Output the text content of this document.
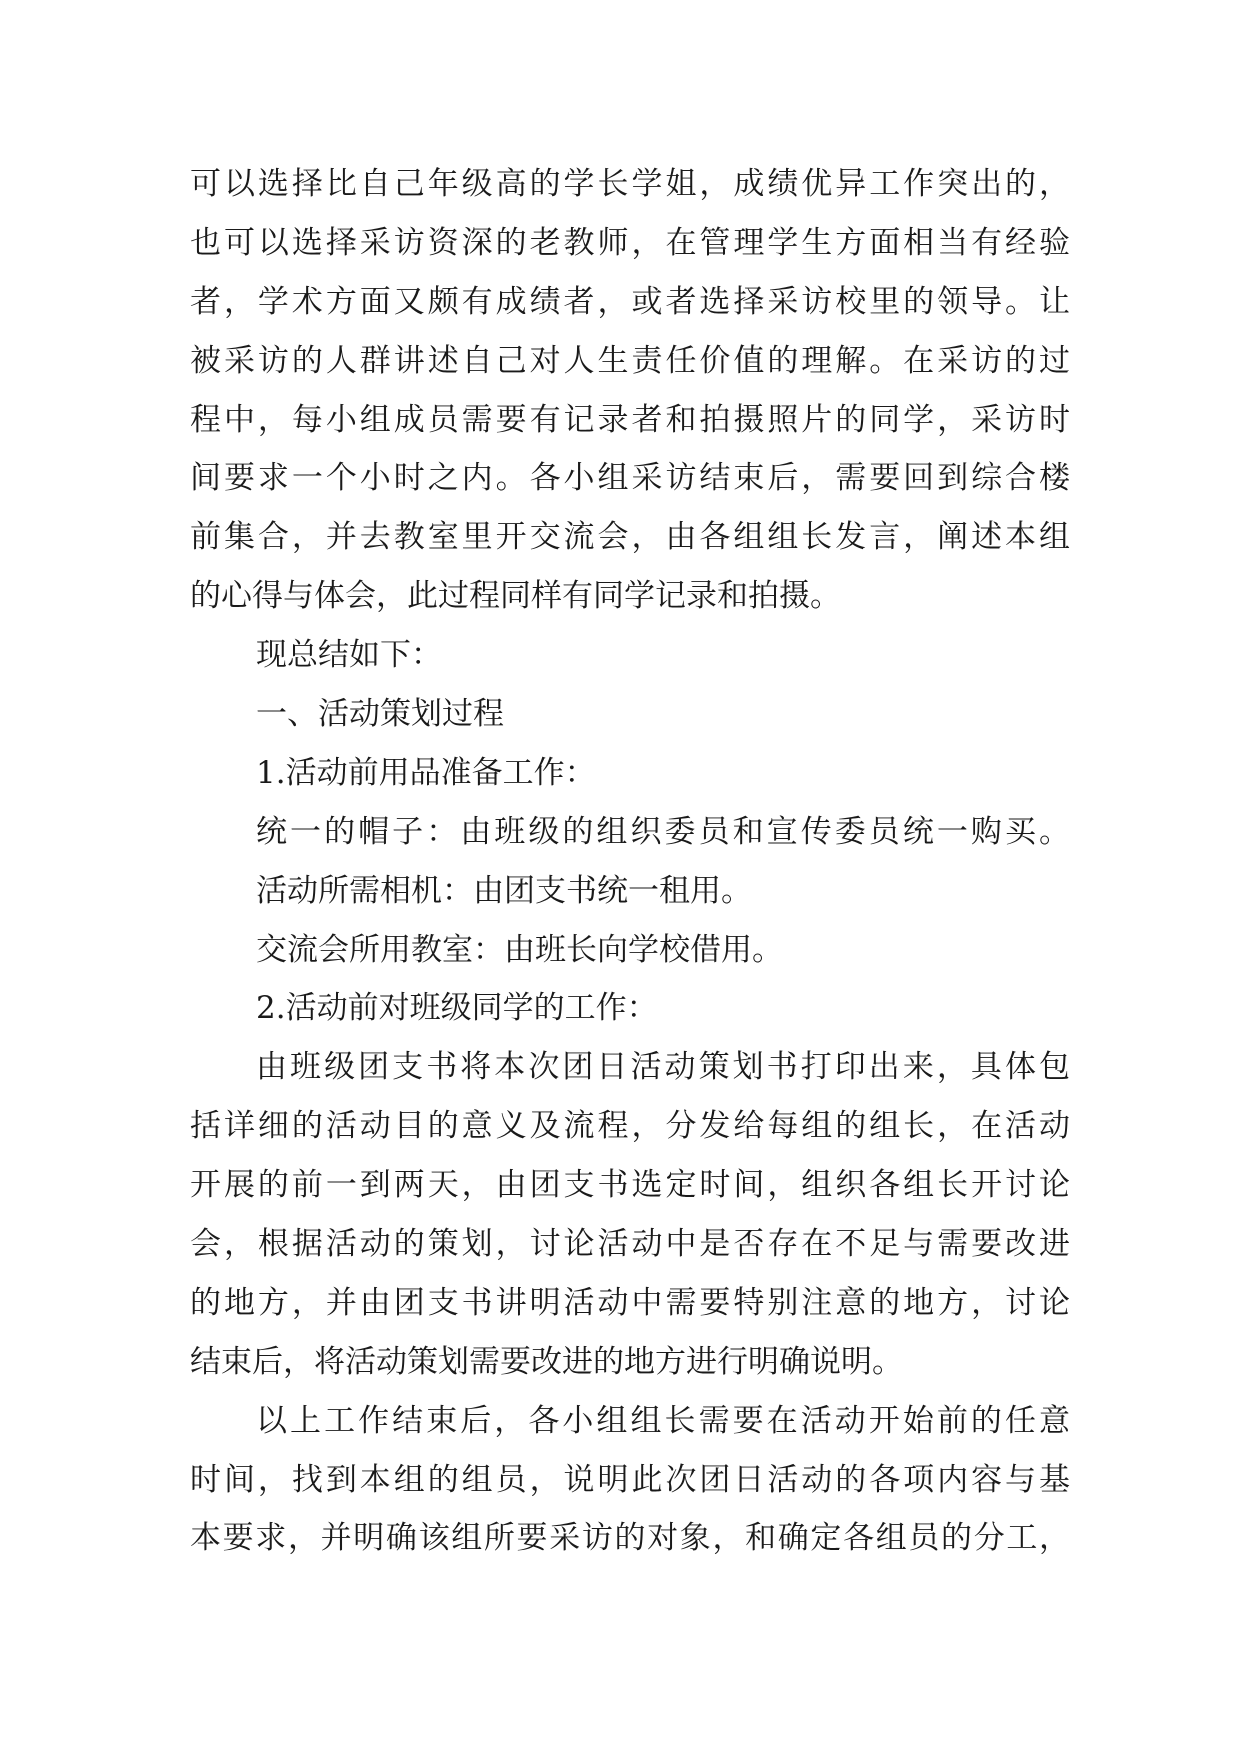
可以选择比自己年级高的学长学姐，成绩优异工作突出的，
也可以选择采访资深的老教师，在管理学生方面相当有经验
者，学术方面又颇有成绩者，或者选择采访校里的领导。让
被采访的人群讲述自己对人生责任价值的理解。在采访的过
程中，每小组成员需要有记录者和拍摄照片的同学，采访时
间要求一个小时之内。各小组采访结束后，需要回到综合楼
前集合，并去教室里开交流会，由各组组长发言，阐述本组
的心得与体会，此过程同样有同学记录和拍摄。
现总结如下：
一、活动策划过程
1.活动前用品准备工作：
统一的帽子：由班级的组织委员和宣传委员统一购买。
活动所需相机：由团支书统一租用。
交流会所用教室：由班长向学校借用。
2.活动前对班级同学的工作：
由班级团支书将本次团日活动策划书打印出来，具体包
括详细的活动目的意义及流程，分发给每组的组长，在活动
开展的前一到两天，由团支书选定时间，组织各组长开讨论
会，根据活动的策划，讨论活动中是否存在不足与需要改进
的地方，并由团支书讲明活动中需要特别注意的地方，讨论
结束后，将活动策划需要改进的地方进行明确说明。
以上工作结束后，各小组组长需要在活动开始前的任意
时间，找到本组的组员，说明此次团日活动的各项内容与基
本要求，并明确该组所要采访的对象，和确定各组员的分工，
